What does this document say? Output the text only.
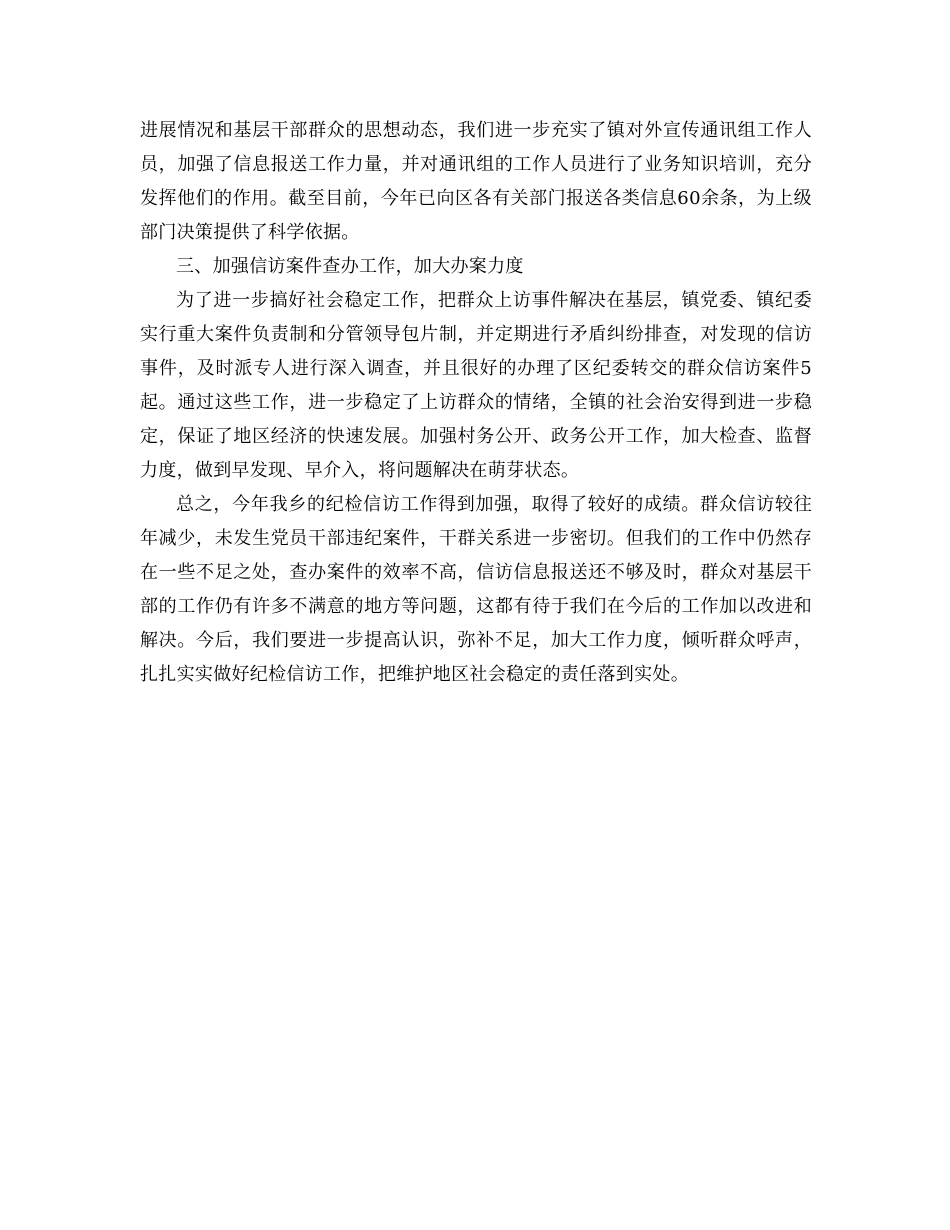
进展情况和基层干部群众的思想动态，我们进一步充实了镇对外宣传通讯组工作人员，加强了信息报送工作力量，并对通讯组的工作人员进行了业务知识培训，充分发挥他们的作用。截至目前，今年已向区各有关部门报送各类信息60余条，为上级部门决策提供了科学依据。

三、加强信访案件查办工作，加大办案力度

为了进一步搞好社会稳定工作，把群众上访事件解决在基层，镇党委、镇纪委实行重大案件负责制和分管领导包片制，并定期进行矛盾纠纷排查，对发现的信访事件，及时派专人进行深入调查，并且很好的办理了区纪委转交的群众信访案件5起。通过这些工作，进一步稳定了上访群众的情绪，全镇的社会治安得到进一步稳定，保证了地区经济的快速发展。加强村务公开、政务公开工作，加大检查、监督力度，做到早发现、早介入，将问题解决在萌芽状态。

总之，今年我乡的纪检信访工作得到加强，取得了较好的成绩。群众信访较往年减少，未发生党员干部违纪案件，干群关系进一步密切。但我们的工作中仍然存在一些不足之处，查办案件的效率不高，信访信息报送还不够及时，群众对基层干部的工作仍有许多不满意的地方等问题，这都有待于我们在今后的工作加以改进和解决。今后，我们要进一步提高认识，弥补不足，加大工作力度，倾听群众呼声，扎扎实实做好纪检信访工作，把维护地区社会稳定的责任落到实处。
